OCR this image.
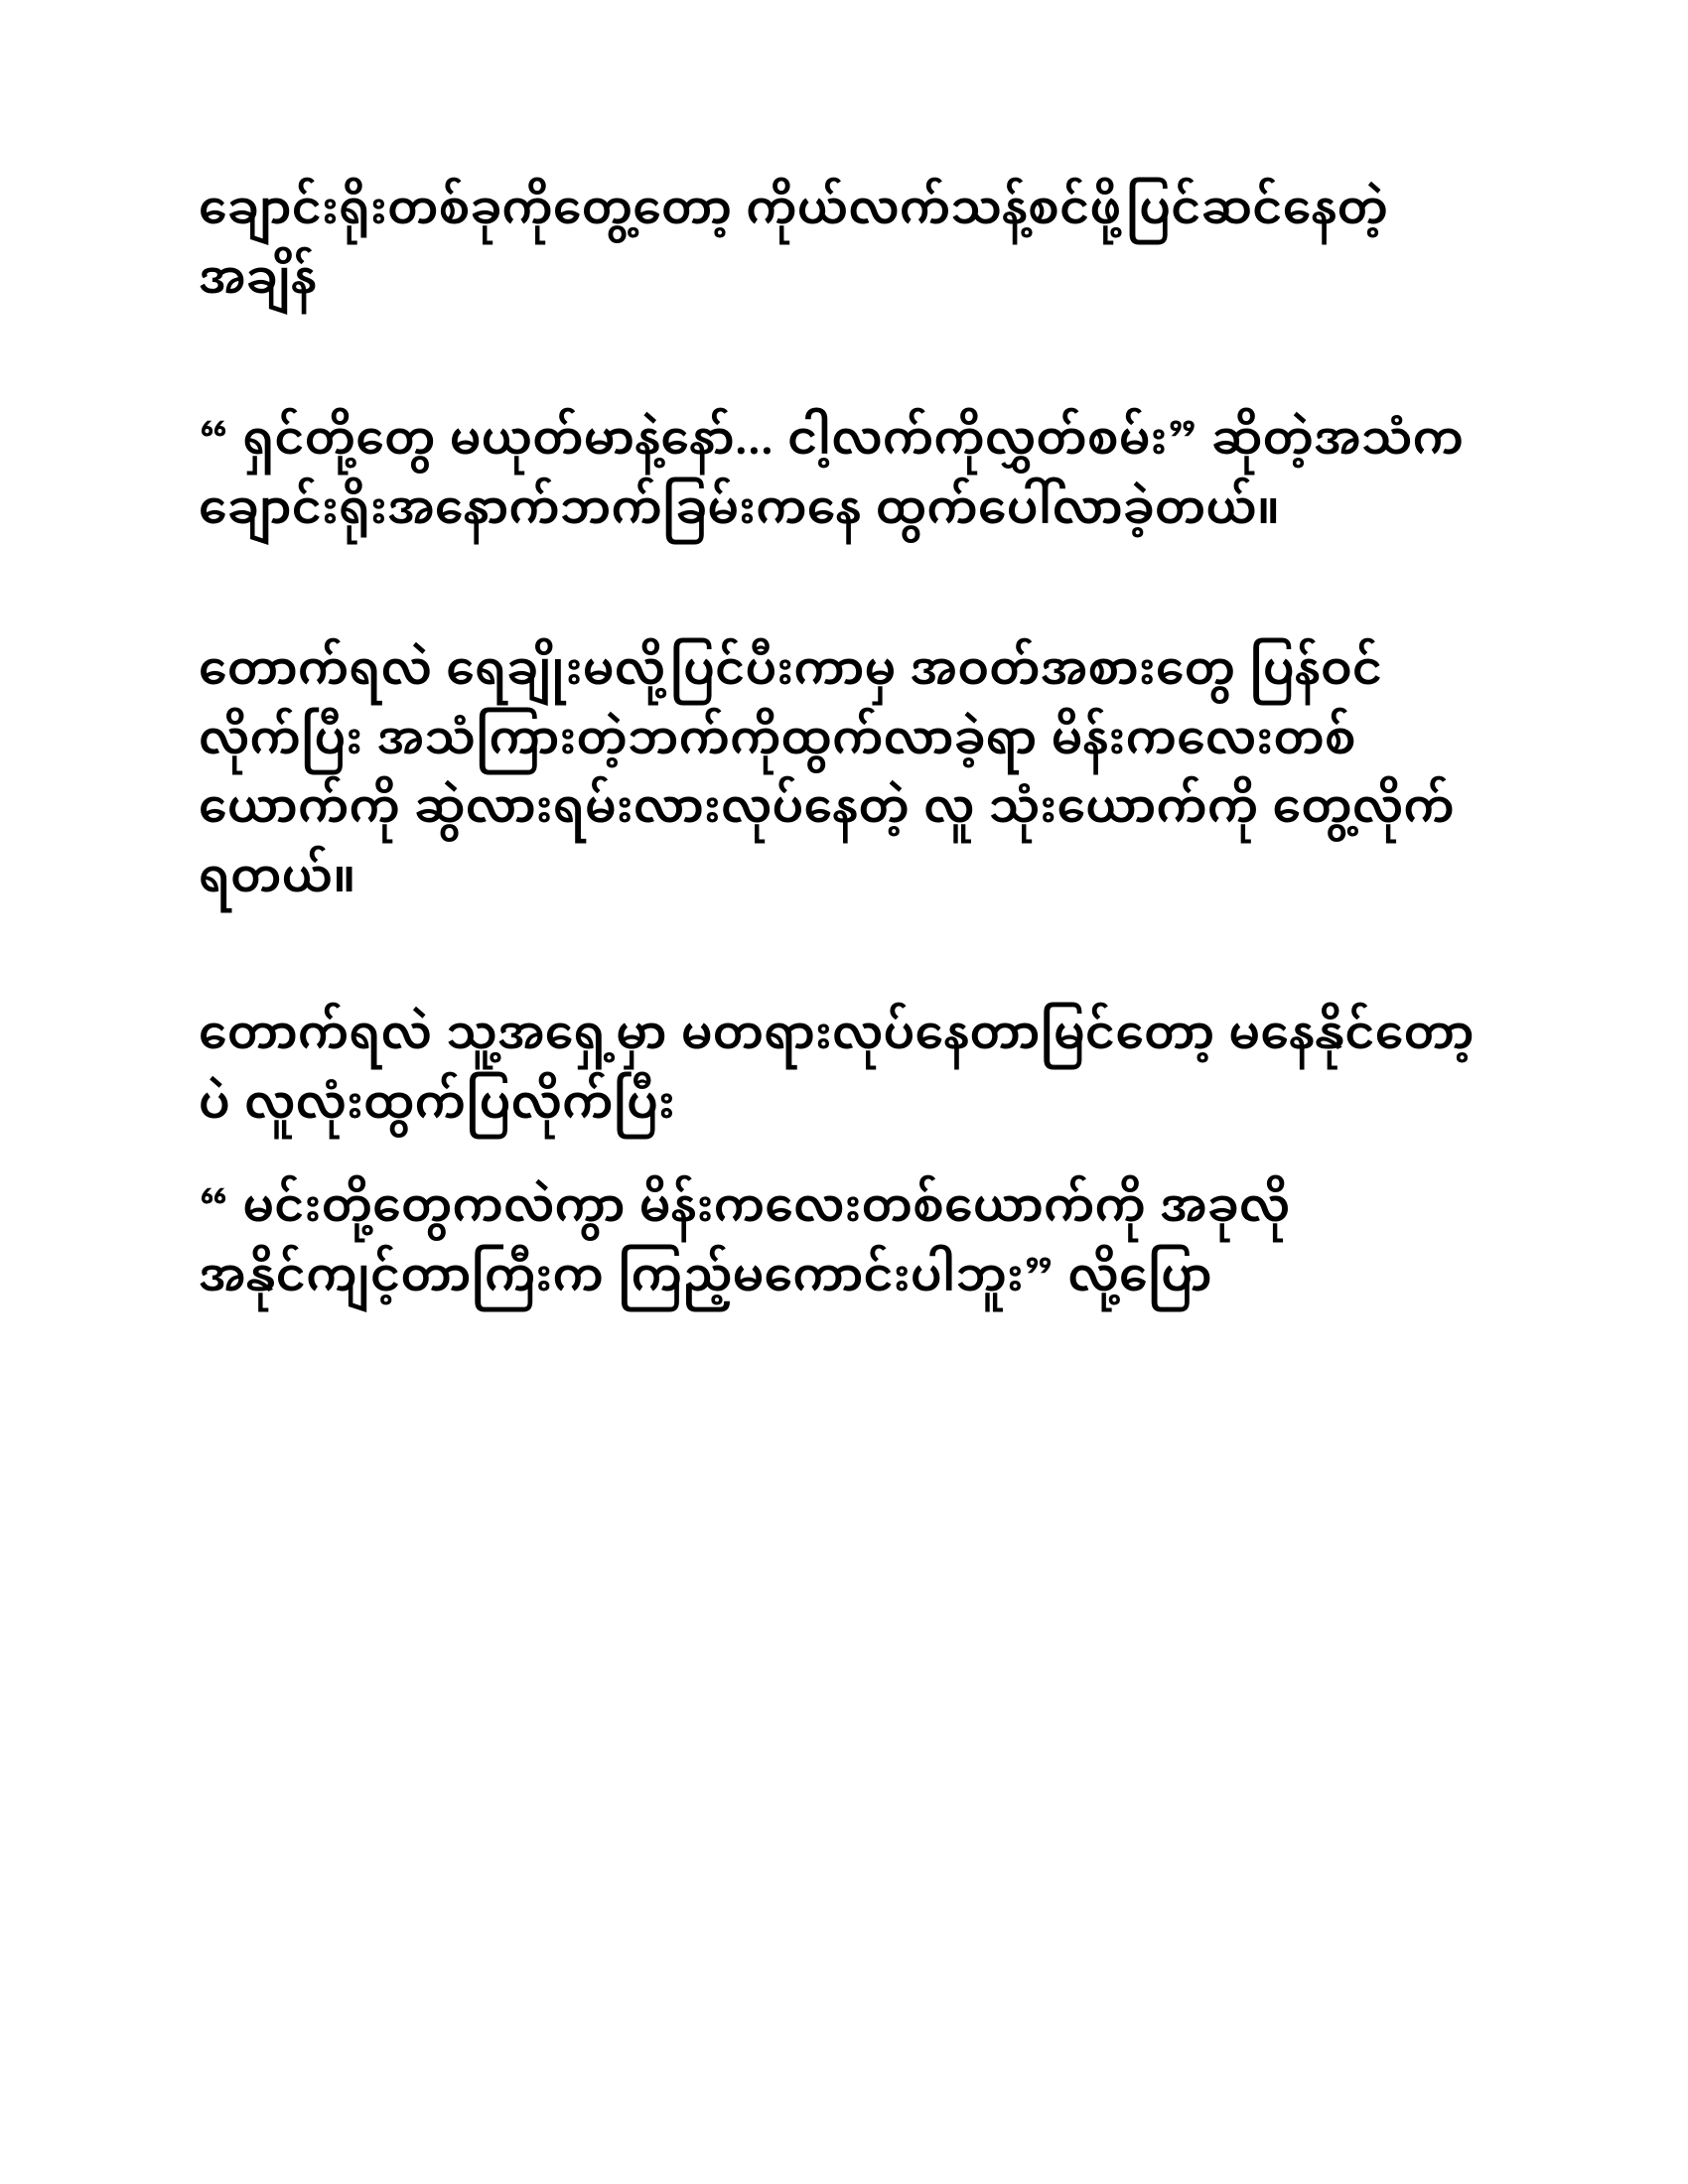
ချောင်းရိုးတစ်ခုကိုတွေ့တော့ ကိုယ်လက်သန့်စင်ဖို့ပြင်ဆင်နေတဲ့ အချိန်

“ ရှင်တို့တွေ မယုတ်မာနဲ့နော်... ငါ့လက်ကိုလွှတ်စမ်း” ဆိုတဲ့အသံက ချောင်းရိုးအနောက်ဘက်ခြမ်းကနေ ထွက်ပေါ်လာခဲ့တယ်။

တောက်ရလဲ ရေချိုးမလို့ပြင်ပီးကာမှ အဝတ်အစားတွေ ပြန်ဝင်လိုက်ပြီး အသံကြားတဲ့ဘက်ကိုထွက်လာခဲ့ရာ မိန်းကလေးတစ်ယောက်ကို ဆွဲလားရမ်းလားလုပ်နေတဲ့ လူ သုံးယောက်ကို တွေ့လိုက်ရတယ်။

တောက်ရလဲ သူ့အရှေ့မှာ မတရားလုပ်နေတာမြင်တော့ မနေနိုင်တော့ပဲ လူလုံးထွက်ပြလိုက်ပြီး

“ မင်းတို့တွေကလဲကွာ မိန်းကလေးတစ်ယောက်ကို အခုလိုအနိုင်ကျင့်တာကြီးက ကြည့်မကောင်းပါဘူး” လို့ပြော
